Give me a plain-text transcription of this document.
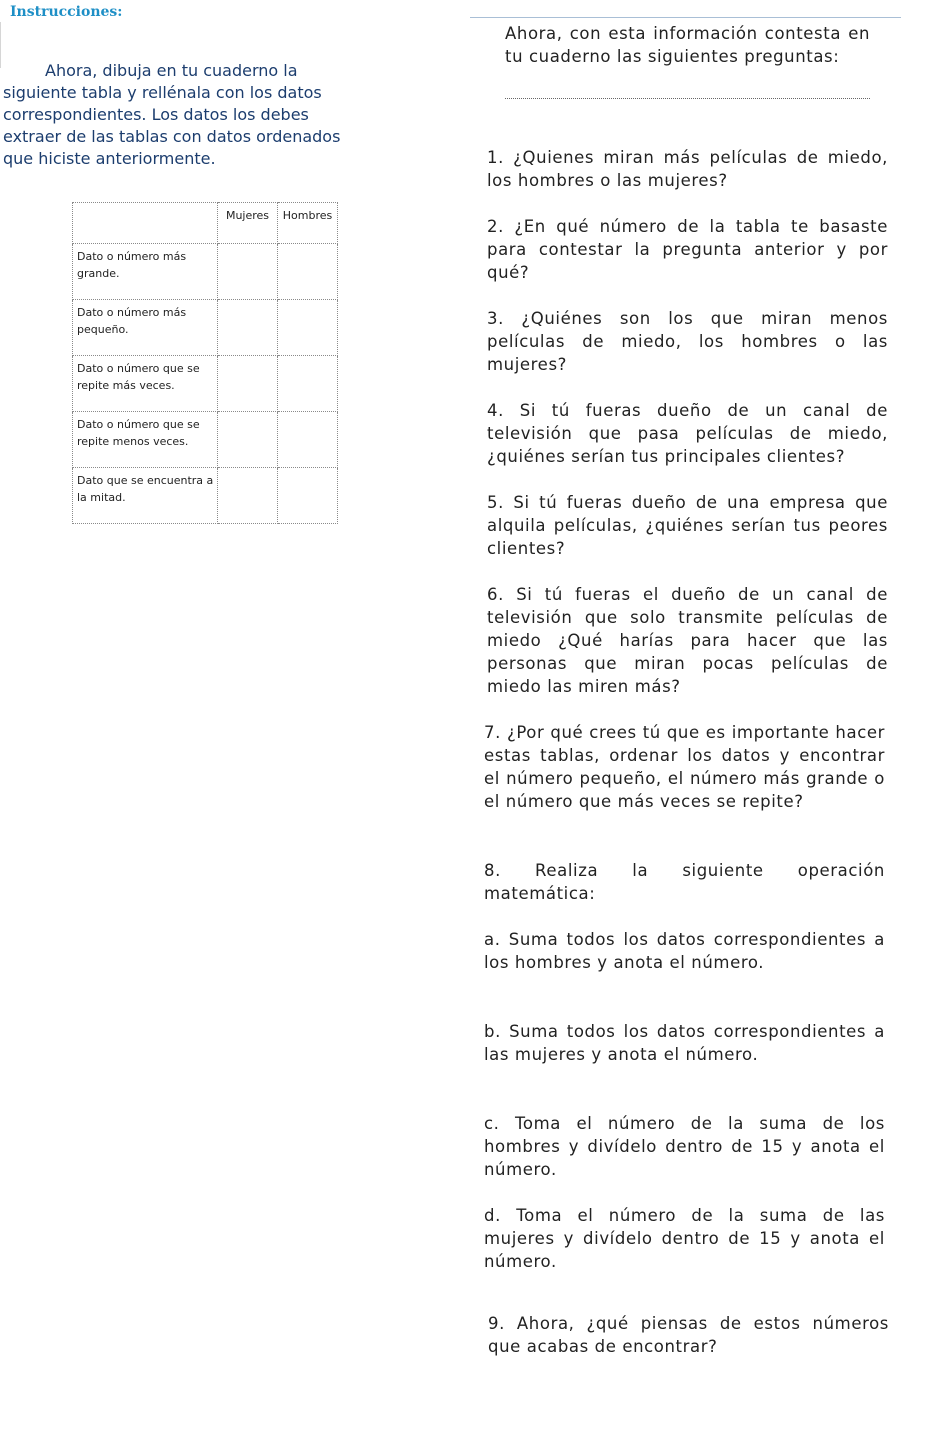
Instrucciones:
Ahora, dibuja en tu cuaderno la siguiente tabla y rellénala con los datos correspondientes. Los datos los debes extraer de las tablas con datos ordenados que hiciste anteriormente.
	Mujeres	Hombres
Dato o número más grande.		
Dato o número más pequeño.		
Dato o número que se repite más veces.		
Dato o número que se repite menos veces.		
Dato que se encuentra a la mitad.		
Ahora, con esta información contesta en tu cuaderno las siguientes preguntas:
1. ¿Quienes miran más películas de miedo, los hombres o las mujeres?
2. ¿En qué número de la tabla te basaste para contestar la pregunta anterior y por qué?
3. ¿Quiénes son los que miran menos películas de miedo, los hombres o las mujeres?
4. Si tú fueras dueño de un canal de televisión que pasa películas de miedo, ¿quiénes serían tus principales clientes?
5. Si tú fueras dueño de una empresa que alquila películas, ¿quiénes serían tus peores clientes?
6. Si tú fueras el dueño de un canal de televisión que solo transmite películas de miedo ¿Qué harías para hacer que las personas que miran pocas películas de miedo las miren más?
7. ¿Por qué crees tú que es importante hacer estas tablas, ordenar los datos y encontrar el número pequeño, el número más grande o el número que más veces se repite?
8. Realiza la siguiente operación matemática:
a. Suma todos los datos correspondientes a los hombres y anota el número.
b. Suma todos los datos correspondientes a las mujeres y anota el número.
c. Toma el número de la suma de los hombres y divídelo dentro de 15 y anota el número.
d. Toma el número de la suma de las mujeres y divídelo dentro de 15 y anota el número.
9. Ahora, ¿qué piensas de estos números que acabas de encontrar?
